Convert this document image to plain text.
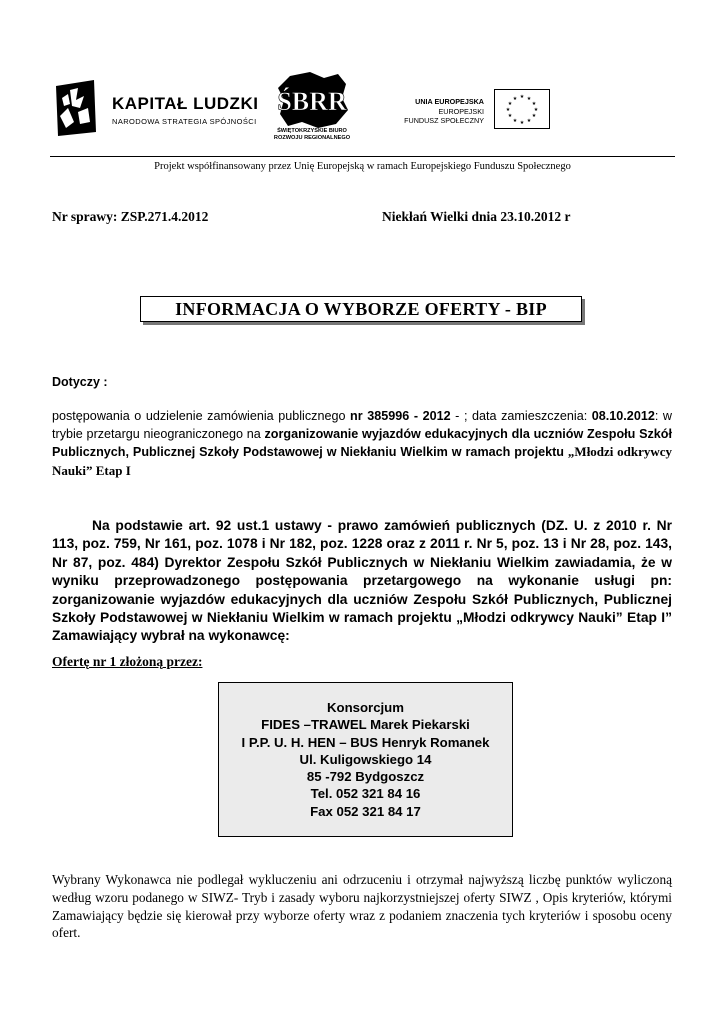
KAPITAŁ LUDZKI
NARODOWA STRATEGIA SPÓJNOŚCI
ŚBRR
ŚWIĘTOKRZYSKIE BIURO
ROZWOJU REGIONALNEGO
UNIA EUROPEJSKA
EUROPEJSKI
FUNDUSZ SPOŁECZNY
★ ★
★
★
★
★
★
★
★
★
★
★
Projekt współfinansowany przez Unię Europejską w ramach Europejskiego Funduszu Społecznego
Nr sprawy: ZSP.271.4.2012	Niekłań Wielki dnia 23.10.2012 r
INFORMACJA O WYBORZE OFERTY - BIP
Dotyczy :
postępowania o udzielenie zamówienia publicznego nr 385996 - 2012 - ; data zamieszczenia: 08.10.2012: w trybie przetargu nieograniczonego na zorganizowanie wyjazdów edukacyjnych dla uczniów Zespołu Szkół Publicznych, Publicznej Szkoły Podstawowej w Niekłaniu Wielkim w ramach projektu „Młodzi odkrywcy Nauki” Etap I
Na podstawie art. 92 ust.1 ustawy - prawo zamówień publicznych (DZ. U. z 2010 r. Nr 113, poz. 759, Nr 161, poz. 1078 i Nr 182, poz. 1228 oraz z 2011 r. Nr 5, poz. 13 i Nr 28, poz. 143, Nr 87, poz. 484) Dyrektor Zespołu Szkół Publicznych w Niekłaniu Wielkim zawiadamia, że w wyniku przeprowadzonego postępowania przetargowego na wykonanie usługi pn: zorganizowanie wyjazdów edukacyjnych dla uczniów Zespołu Szkół Publicznych, Publicznej Szkoły Podstawowej w Niekłaniu Wielkim w ramach projektu „Młodzi odkrywcy Nauki” Etap I” Zamawiający wybrał na wykonawcę:
Ofertę nr 1 złożoną przez:
Konsorcjum
FIDES –TRAWEL Marek Piekarski
I P.P. U. H. HEN – BUS Henryk Romanek
Ul. Kuligowskiego 14
85 -792 Bydgoszcz
Tel. 052 321 84 16
Fax 052 321 84 17
Wybrany Wykonawca nie podlegał wykluczeniu ani odrzuceniu i otrzymał najwyższą liczbę punktów wyliczoną według wzoru podanego w SIWZ- Tryb i zasady wyboru najkorzystniejszej oferty SIWZ , Opis kryteriów, którymi Zamawiający będzie się kierował przy wyborze oferty wraz z podaniem znaczenia tych kryteriów i sposobu oceny ofert.
